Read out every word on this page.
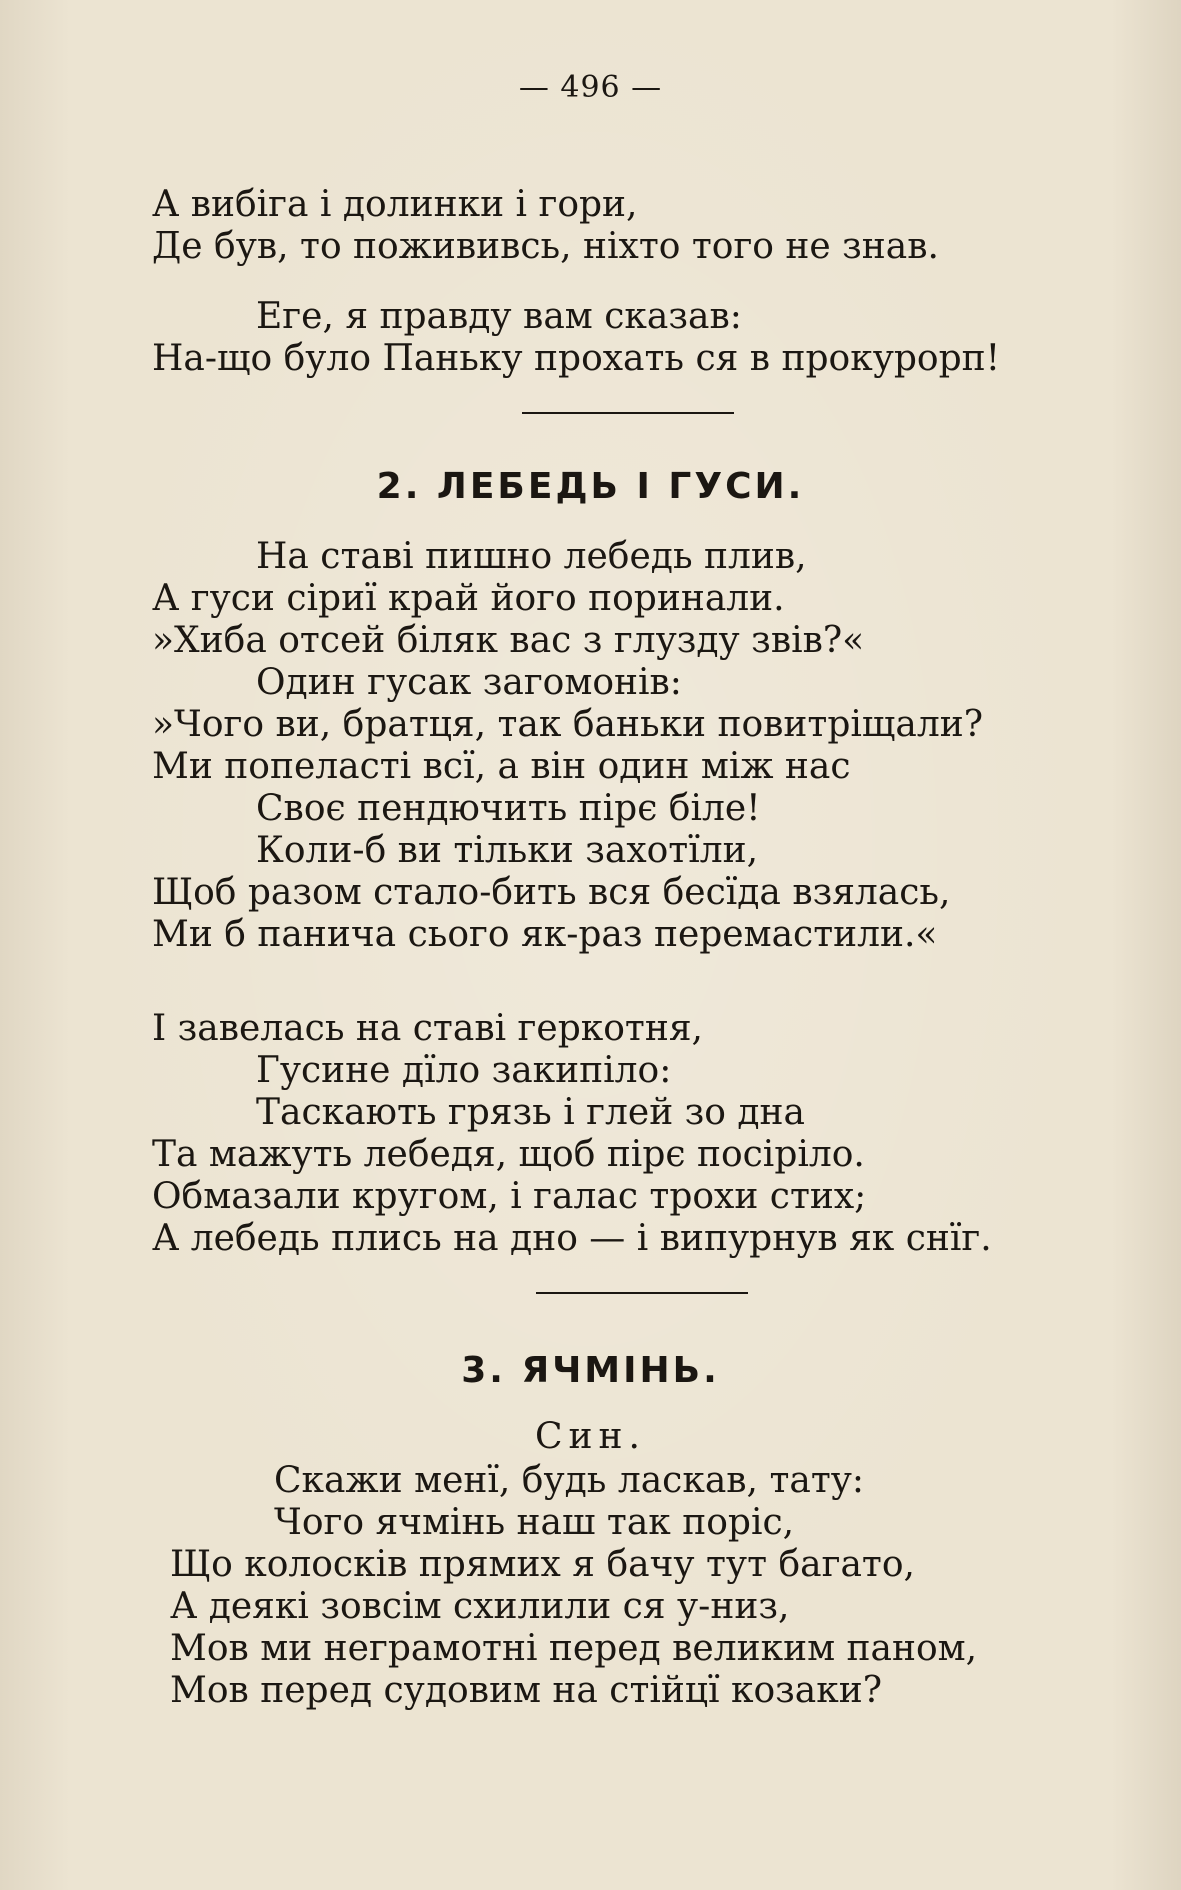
— 496 —
А вибіга і долинки і гори,
Де був, то пожививсь, ніхто того не знав.
Еге, я правду вам сказав:
На-що було Паньку прохать ся в прокурорп!
2. ЛЕБЕДЬ І ГУСИ.
На ставі пишно лебедь плив,
А гуси сіриї край його поринали.
»Хиба отсей біляк вас з глузду звів?«
Один гусак загомонів:
»Чого ви, братця, так баньки повитріщали?
Ми попеласті всї, а він один між нас
Своє пендючить пірє біле!
Коли-б ви тільки захотїли,
Щоб разом стало-бить вся бесїда взялась,
Ми б панича сього як-раз перемастили.«
І завелась на ставі геркотня,
Гусине дїло закипіло:
Таскають грязь і глей зо дна
Та мажуть лебедя, щоб пірє посіріло.
Обмазали кругом, і галас трохи стих;
А лебедь плись на дно — і випурнув як снїг.
3. ЯЧМІНЬ.
Син.
Скажи менї, будь ласкав, тату:
Чого ячмінь наш так поріс,
Що колосків прямих я бачу тут багато,
А деякі зовсім схилили ся у-низ,
Мов ми неграмотні перед великим паном,
Мов перед судовим на стійцї козаки?
